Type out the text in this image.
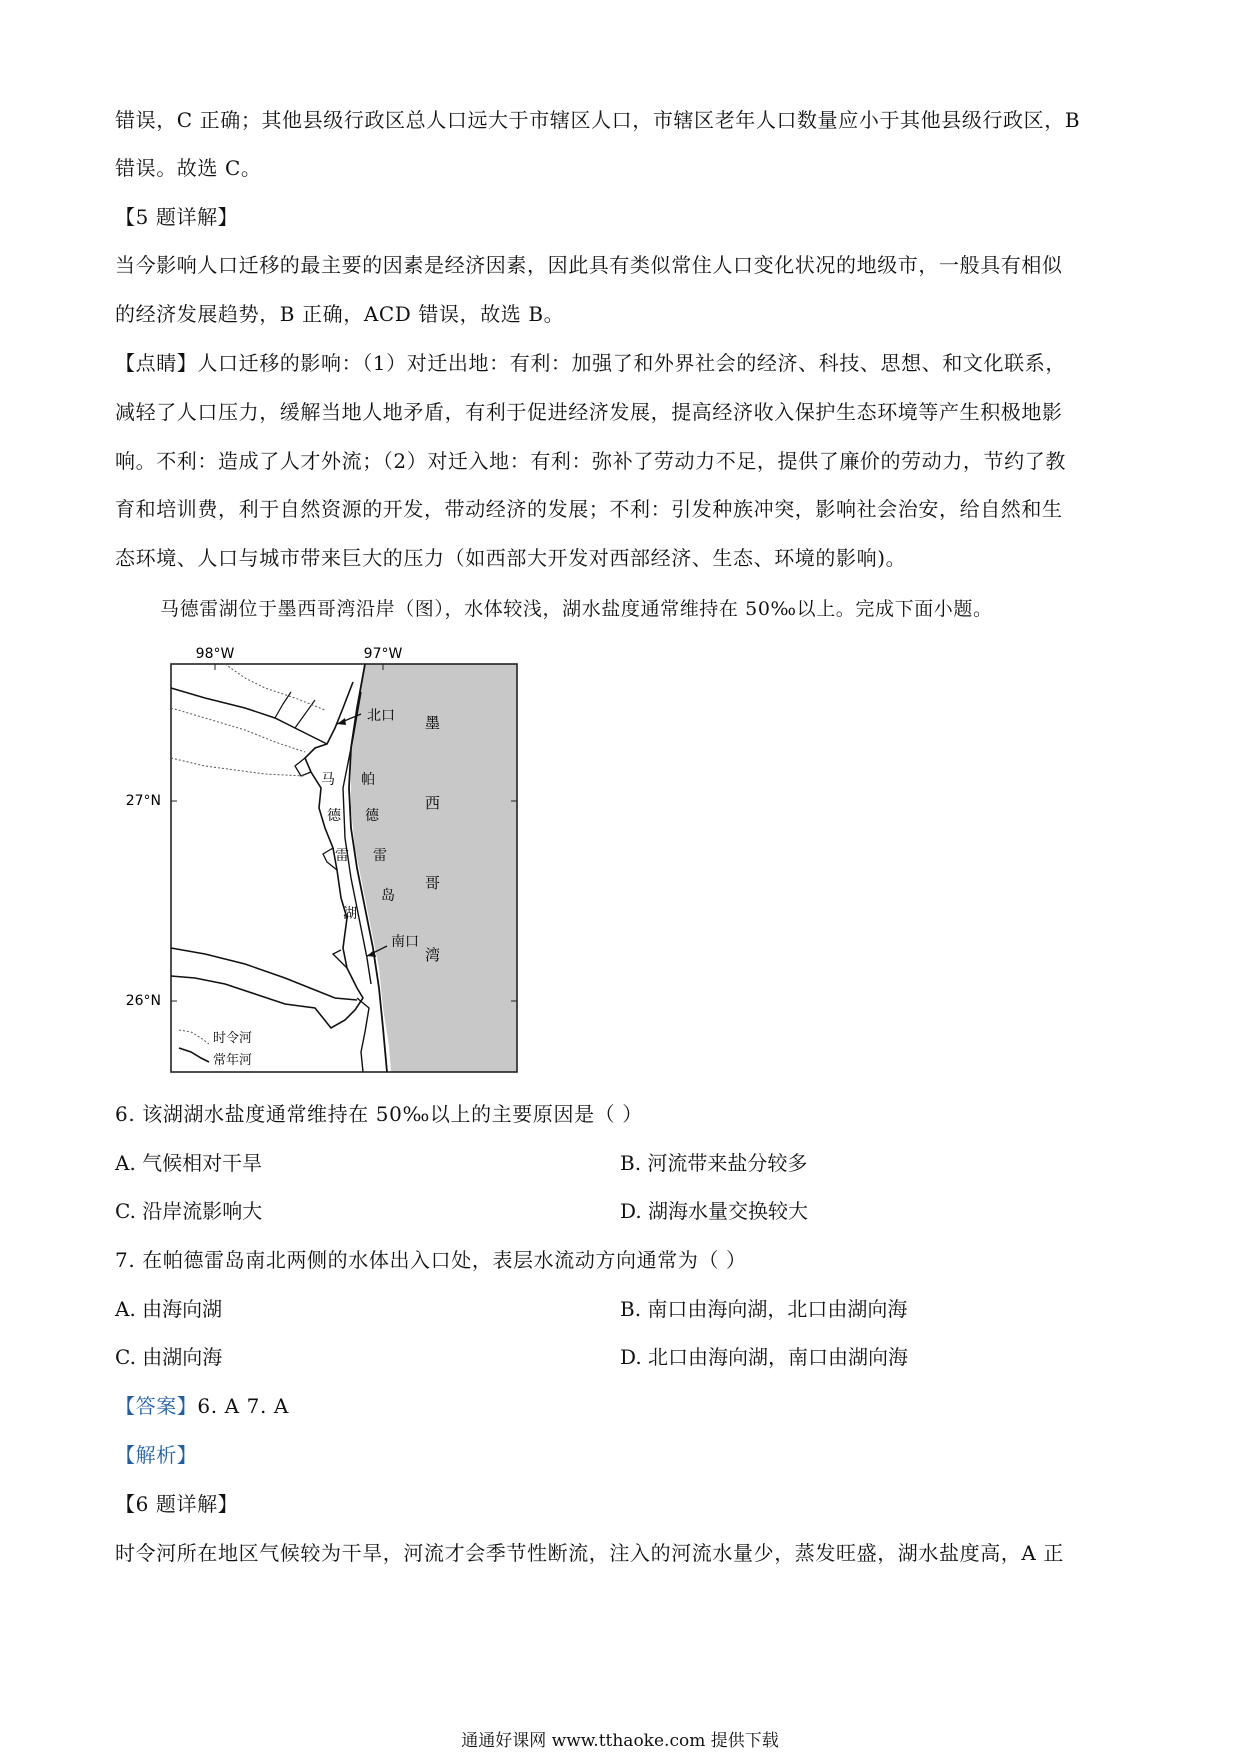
错误，C 正确；其他县级行政区总人口远大于市辖区人口，市辖区老年人口数量应小于其他县级行政区，B
错误。故选 C。
【5 题详解】
当今影响人口迁移的最主要的因素是经济因素，因此具有类似常住人口变化状况的地级市，一般具有相似
的经济发展趋势，B 正确，ACD 错误，故选 B。
【点睛】人口迁移的影响：（1）对迁出地：有利：加强了和外界社会的经济、科技、思想、和文化联系，
减轻了人口压力，缓解当地人地矛盾，有利于促进经济发展，提高经济收入保护生态环境等产生积极地影
响。不利：造成了人才外流；（2）对迁入地：有利：弥补了劳动力不足，提供了廉价的劳动力，节约了教
育和培训费，利于自然资源的开发，带动经济的发展；不利：引发种族冲突，影响社会治安，给自然和生
态环境、人口与城市带来巨大的压力（如西部大开发对西部经济、生态、环境的影响)。
马德雷湖位于墨西哥湾沿岸（图），水体较浅，湖水盐度通常维持在 50‰以上。完成下面小题。
98°W	97°W
27°N
26°N
北口
南口
墨
西
哥
湾
帕
德
雷
岛
马
德
雷
湖
时令河
常年河
6. 该湖湖水盐度通常维持在 50‰以上的主要原因是（ ）
A. 气候相对干旱	B. 河流带来盐分较多
C. 沿岸流影响大	D. 湖海水量交换较大
7. 在帕德雷岛南北两侧的水体出入口处，表层水流动方向通常为（ ）
A. 由海向湖	B. 南口由海向湖，北口由湖向海
C. 由湖向海	D. 北口由海向湖，南口由湖向海
【答案】6. A 7. A
【解析】
【6 题详解】
时令河所在地区气候较为干旱，河流才会季节性断流，注入的河流水量少，蒸发旺盛，湖水盐度高，A 正
通通好课网 www.tthaoke.com 提供下载
